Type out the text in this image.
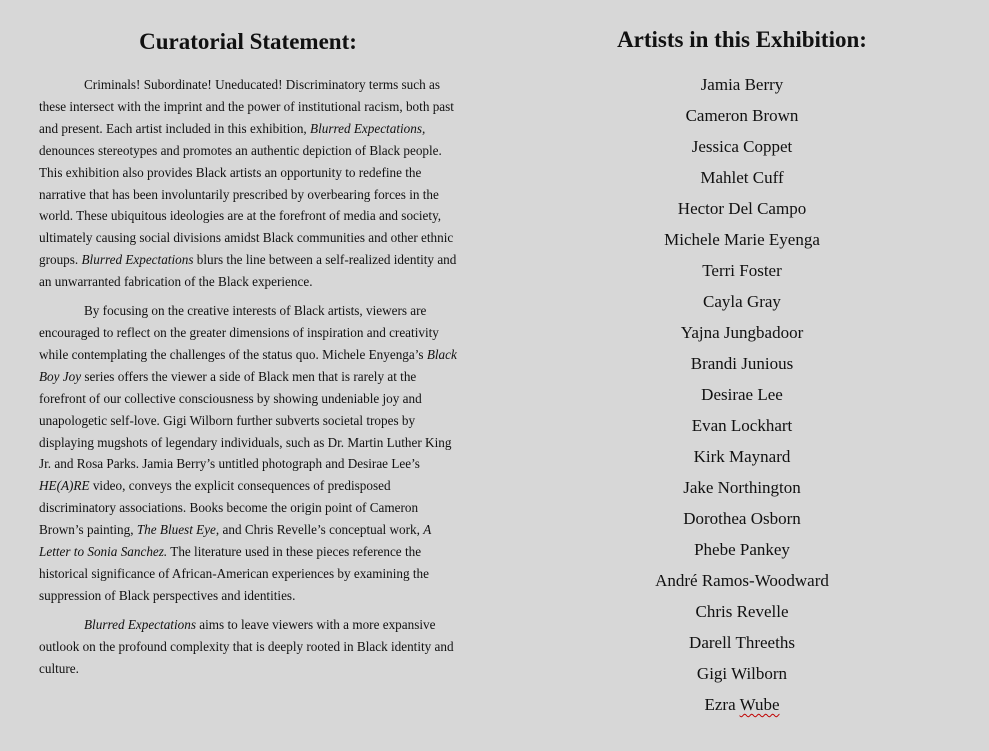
Curatorial Statement:

Criminals! Subordinate! Uneducated! Discriminatory terms such as these intersect with the imprint and the power of institutional racism, both past and present. Each artist included in this exhibition, Blurred Expectations, denounces stereotypes and promotes an authentic depiction of Black people. This exhibition also provides Black artists an opportunity to redefine the narrative that has been involuntarily prescribed by overbearing forces in the world. These ubiquitous ideologies are at the forefront of media and society, ultimately causing social divisions amidst Black communities and other ethnic groups. Blurred Expectations blurs the line between a self-realized identity and an unwarranted fabrication of the Black experience.

By focusing on the creative interests of Black artists, viewers are encouraged to reflect on the greater dimensions of inspiration and creativity while contemplating the challenges of the status quo. Michele Enyenga’s Black Boy Joy series offers the viewer a side of Black men that is rarely at the forefront of our collective consciousness by showing undeniable joy and unapologetic self-love. Gigi Wilborn further subverts societal tropes by displaying mugshots of legendary individuals, such as Dr. Martin Luther King Jr. and Rosa Parks. Jamia Berry’s untitled photograph and Desirae Lee’s HE(A)RE video, conveys the explicit consequences of predisposed discriminatory associations. Books become the origin point of Cameron Brown’s painting, The Bluest Eye, and Chris Revelle’s conceptual work, A Letter to Sonia Sanchez. The literature used in these pieces reference the historical significance of African-American experiences by examining the suppression of Black perspectives and identities.

Blurred Expectations aims to leave viewers with a more expansive outlook on the profound complexity that is deeply rooted in Black identity and culture.

Artists in this Exhibition:
Jamia Berry
Cameron Brown
Jessica Coppet
Mahlet Cuff
Hector Del Campo
Michele Marie Eyenga
Terri Foster
Cayla Gray
Yajna Jungbadoor
Brandi Junious
Desirae Lee
Evan Lockhart
Kirk Maynard
Jake Northington
Dorothea Osborn
Phebe Pankey
André Ramos-Woodward
Chris Revelle
Darell Threeths
Gigi Wilborn
Ezra Wube
